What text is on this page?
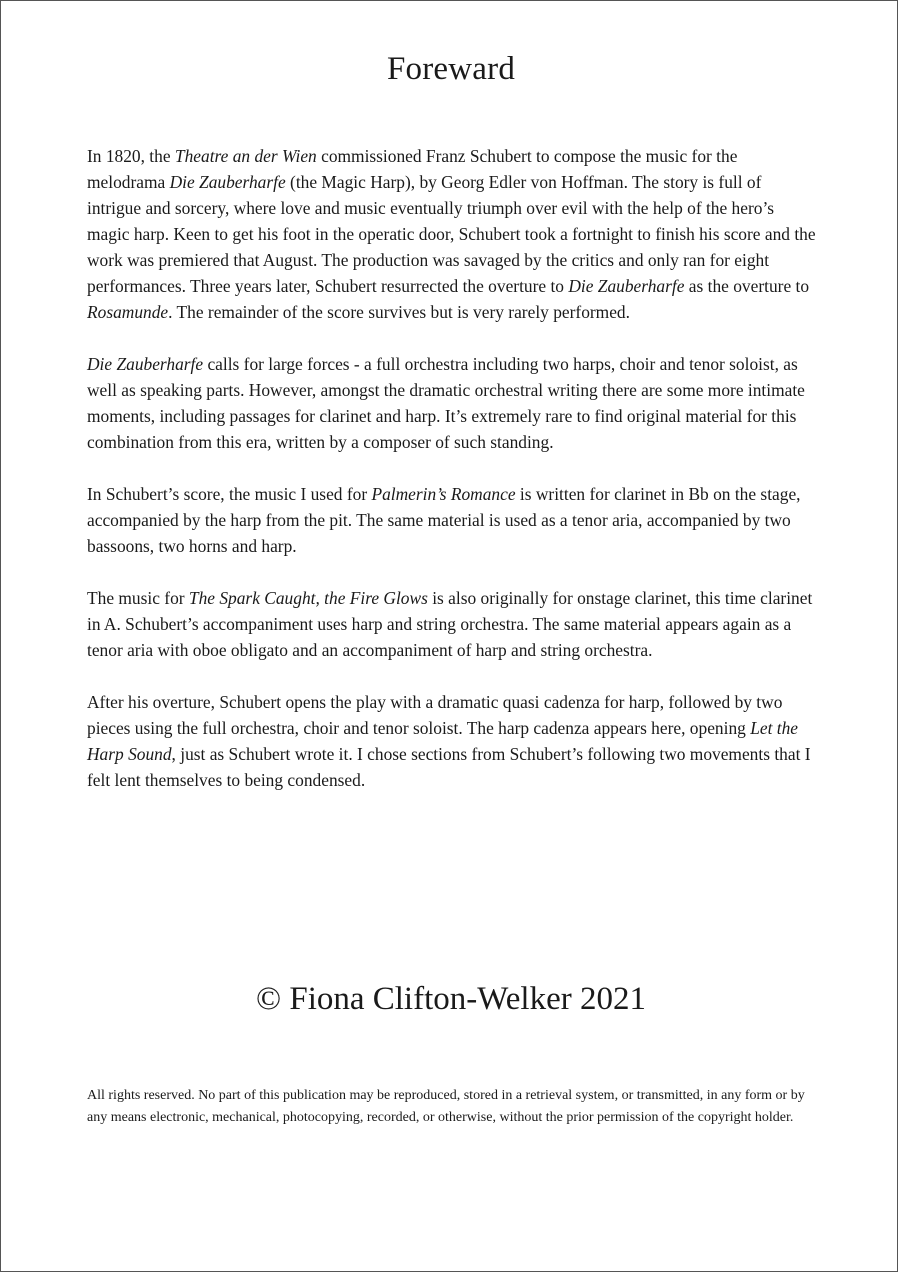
Foreward

In 1820, the Theatre an der Wien commissioned Franz Schubert to compose the music for the melodrama Die Zauberharfe (the Magic Harp), by Georg Edler von Hoffman. The story is full of intrigue and sorcery, where love and music eventually triumph over evil with the help of the hero’s magic harp. Keen to get his foot in the operatic door, Schubert took a fortnight to finish his score and the work was premiered that August. The production was savaged by the critics and only ran for eight performances. Three years later, Schubert resurrected the overture to Die Zauberharfe as the overture to Rosamunde. The remainder of the score survives but is very rarely performed.

Die Zauberharfe calls for large forces - a full orchestra including two harps, choir and tenor soloist, as well as speaking parts. However, amongst the dramatic orchestral writing there are some more intimate moments, including passages for clarinet and harp. It’s extremely rare to find original material for this combination from this era, written by a composer of such standing.

In Schubert’s score, the music I used for Palmerin’s Romance is written for clarinet in Bb on the stage, accompanied by the harp from the pit. The same material is used as a tenor aria, accompanied by two bassoons, two horns and harp.

The music for The Spark Caught, the Fire Glows is also originally for onstage clarinet, this time clarinet in A. Schubert’s accompaniment uses harp and string orchestra. The same material appears again as a tenor aria with oboe obligato and an accompaniment of harp and string orchestra.

After his overture, Schubert opens the play with a dramatic quasi cadenza for harp, followed by two pieces using the full orchestra, choir and tenor soloist. The harp cadenza appears here, opening Let the Harp Sound, just as Schubert wrote it. I chose sections from Schubert’s following two movements that I felt lent themselves to being condensed.

© Fiona Clifton-Welker 2021

All rights reserved. No part of this publication may be reproduced, stored in a retrieval system, or transmitted, in any form or by any means electronic, mechanical, photocopying, recorded, or otherwise, without the prior permission of the copyright holder.
